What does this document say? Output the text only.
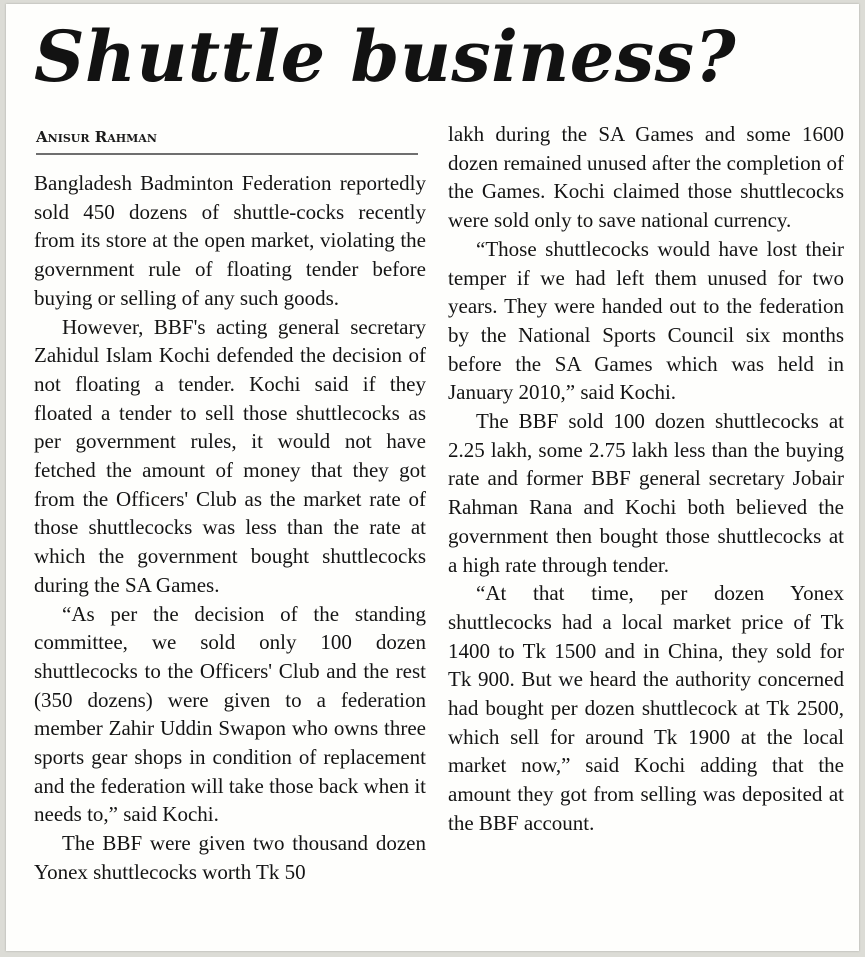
Shuttle business?
Anisur Rahman

Bangladesh Badminton Federation reportedly sold 450 dozens of shuttle-cocks recently from its store at the open market, violating the government rule of floating tender before buying or selling of any such goods.

However, BBF's acting general secretary Zahidul Islam Kochi defended the decision of not floating a tender. Kochi said if they floated a tender to sell those shuttlecocks as per government rules, it would not have fetched the amount of money that they got from the Officers' Club as the market rate of those shuttlecocks was less than the rate at which the government bought shuttlecocks during the SA Games.

“As per the decision of the standing committee, we sold only 100 dozen shuttlecocks to the Officers' Club and the rest (350 dozens) were given to a federation member Zahir Uddin Swapon who owns three sports gear shops in condition of replacement and the federation will take those back when it needs to,” said Kochi.

The BBF were given two thousand dozen Yonex shuttlecocks worth Tk 50

lakh during the SA Games and some 1600 dozen remained unused after the completion of the Games. Kochi claimed those shuttlecocks were sold only to save national currency.

“Those shuttlecocks would have lost their temper if we had left them unused for two years. They were handed out to the federation by the National Sports Council six months before the SA Games which was held in January 2010,” said Kochi.

The BBF sold 100 dozen shuttlecocks at 2.25 lakh, some 2.75 lakh less than the buying rate and former BBF general secretary Jobair Rahman Rana and Kochi both believed the government then bought those shuttlecocks at a high rate through tender.

“At that time, per dozen Yonex shuttlecocks had a local market price of Tk 1400 to Tk 1500 and in China, they sold for Tk 900. But we heard the authority concerned had bought per dozen shuttlecock at Tk 2500, which sell for around Tk 1900 at the local market now,” said Kochi adding that the amount they got from selling was deposited at the BBF account.
